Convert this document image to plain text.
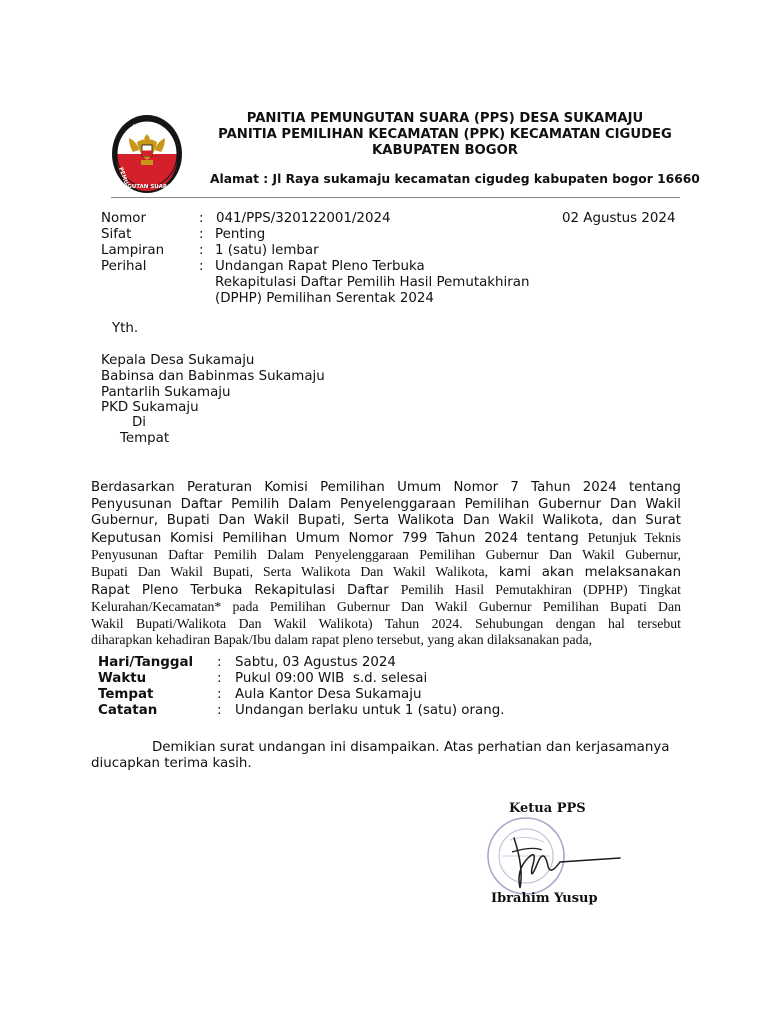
PANITIA
PEMU
NGUTAN SUARA
PANITIA PEMUNGUTAN SUARA (PPS) DESA SUKAMAJU
PANITIA PEMILIHAN KECAMATAN (PPK) KECAMATAN CIGUDEG
KABUPATEN BOGOR
Alamat : Jl Raya sukamaju kecamatan cigudeg kabupaten bogor 16660
02 Agustus 2024
Nomor	: 041/PPS/320122001/2024
Sifat	: Penting
Lampiran	: 1 (satu) lembar
Perihal	: Undangan Rapat Pleno Terbuka
Rekapitulasi Daftar Pemilih Hasil Pemutakhiran
(DPHP) Pemilihan Serentak 2024
Yth.
Kepala Desa Sukamaju
Babinsa dan Babinmas Sukamaju
Pantarlih Sukamaju
PKD Sukamaju
Di
Tempat
Berdasarkan Peraturan Komisi Pemilihan Umum Nomor 7 Tahun 2024 tentang
Penyusunan Daftar Pemilih Dalam Penyelenggaraan Pemilihan Gubernur Dan Wakil
Gubernur, Bupati Dan Wakil Bupati, Serta Walikota Dan Wakil Walikota, dan Surat
Keputusan Komisi Pemilihan Umum Nomor 799 Tahun 2024 tentang Petunjuk Teknis
Penyusunan Daftar Pemilih Dalam Penyelenggaraan Pemilihan Gubernur Dan Wakil Gubernur,
Bupati Dan Wakil Bupati, Serta Walikota Dan Wakil Walikota, kami akan melaksanakan
Rapat Pleno Terbuka Rekapitulasi Daftar Pemilih Hasil Pemutakhiran (DPHP) Tingkat
Kelurahan/Kecamatan* pada Pemilihan Gubernur Dan Wakil Gubernur Pemilihan Bupati Dan
Wakil Bupati/Walikota Dan Wakil Walikota) Tahun 2024. Sehubungan dengan hal tersebut
diharapkan kehadiran Bapak/Ibu dalam rapat pleno tersebut, yang akan dilaksanakan pada,
Hari/Tanggal : Sabtu, 03 Agustus 2024
Waktu	: Pukul 09:00 WIB  s.d. selesai
Tempat	: Aula Kantor Desa Sukamaju
Catatan	: Undangan berlaku untuk 1 (satu) orang.
Demikian surat undangan ini disampaikan. Atas perhatian dan kerjasamanya
diucapkan terima kasih.
Ketua PPS
Ibrahim Yusup
